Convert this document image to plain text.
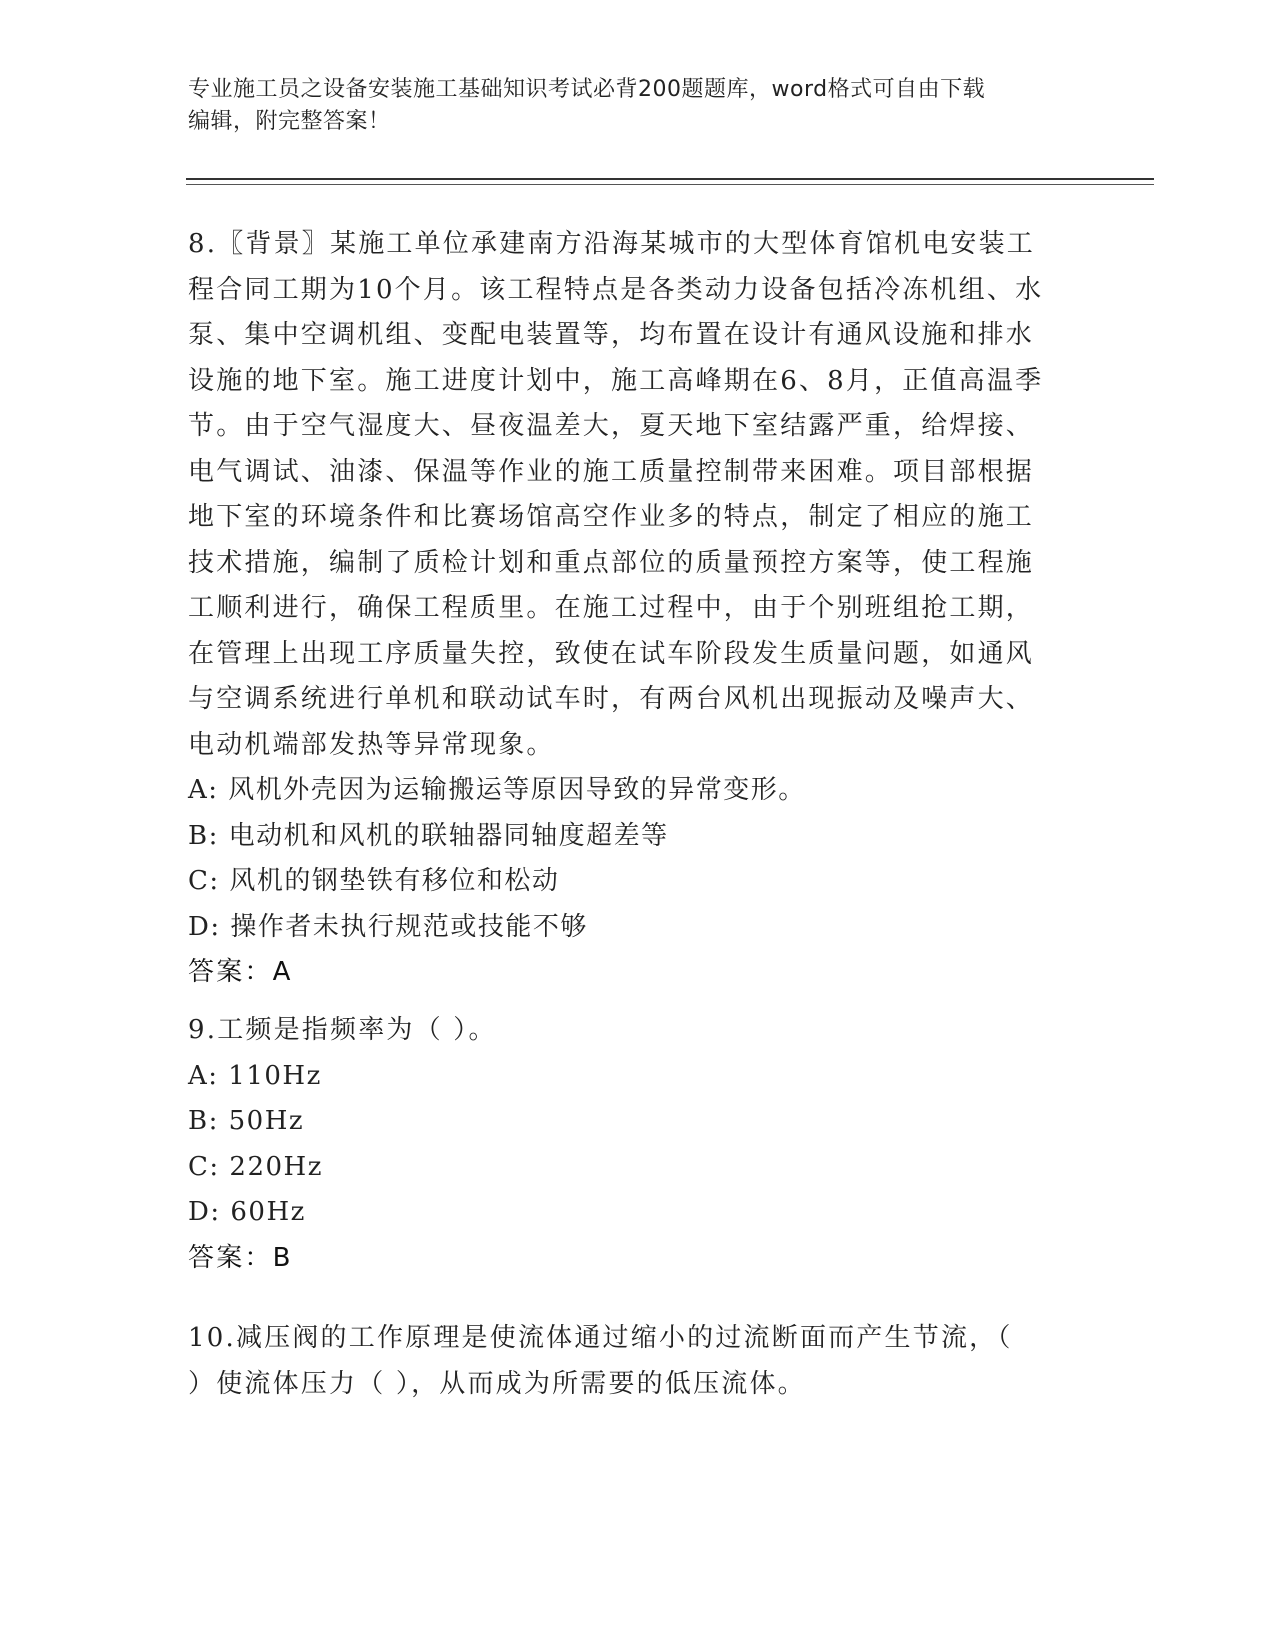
专业施工员之设备安装施工基础知识考试必背200题题库，word格式可自由下载
编辑，附完整答案！
8.〖背景〗某施工单位承建南方沿海某城市的大型体育馆机电安装工
程合同工期为10个月。该工程特点是各类动力设备包括冷冻机组、水
泵、集中空调机组、变配电装置等，均布置在设计有通风设施和排水
设施的地下室。施工进度计划中，施工高峰期在6、8月，正值高温季
节。由于空气湿度大、昼夜温差大，夏天地下室结露严重，给焊接、
电气调试、油漆、保温等作业的施工质量控制带来困难。项目部根据
地下室的环境条件和比赛场馆高空作业多的特点，制定了相应的施工
技术措施，编制了质检计划和重点部位的质量预控方案等，使工程施
工顺利进行，确保工程质里。在施工过程中，由于个别班组抢工期，
在管理上出现工序质量失控，致使在试车阶段发生质量问题，如通风
与空调系统进行单机和联动试车时，有两台风机出现振动及噪声大、
电动机端部发热等异常现象。
A: 风机外壳因为运输搬运等原因导致的异常变形。
B: 电动机和风机的联轴器同轴度超差等
C: 风机的钢垫铁有移位和松动
D: 操作者未执行规范或技能不够
答案：A
9.工频是指频率为（ ）。
A: 110Hz
B: 50Hz
C: 220Hz
D: 60Hz
答案：B
10.减压阀的工作原理是使流体通过缩小的过流断面而产生节流，（
）使流体压力（ ），从而成为所需要的低压流体。
